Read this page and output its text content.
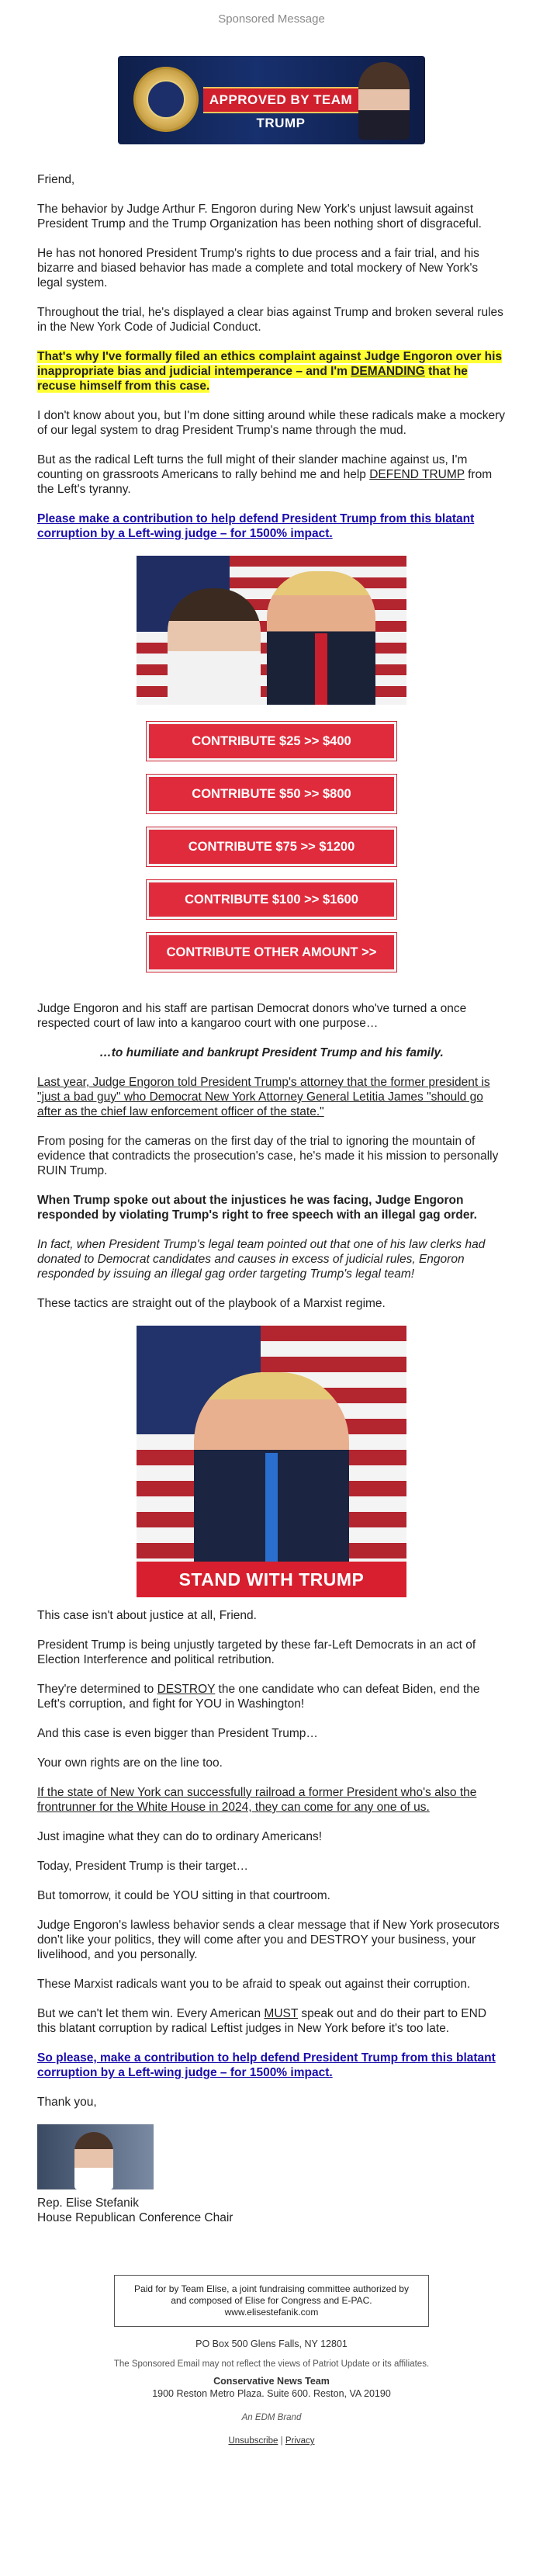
Sponsored Message
APPROVED BY TEAM TRUMP

Friend,

The behavior by Judge Arthur F. Engoron during New York's unjust lawsuit against President Trump and the Trump Organization has been nothing short of disgraceful.

He has not honored President Trump's rights to due process and a fair trial, and his bizarre and biased behavior has made a complete and total mockery of New York's legal system.

Throughout the trial, he's displayed a clear bias against Trump and broken several rules in the New York Code of Judicial Conduct.

That's why I've formally filed an ethics complaint against Judge Engoron over his inappropriate bias and judicial intemperance – and I'm DEMANDING that he recuse himself from this case.

I don't know about you, but I'm done sitting around while these radicals make a mockery of our legal system to drag President Trump's name through the mud.

But as the radical Left turns the full might of their slander machine against us, I'm counting on grassroots Americans to rally behind me and help DEFEND TRUMP from the Left's tyranny.

Please make a contribution to help defend President Trump from this blatant corruption by a Left-wing judge – for 1500% impact.

CONTRIBUTE $25 >> $400
CONTRIBUTE $50 >> $800
CONTRIBUTE $75 >> $1200
CONTRIBUTE $100 >> $1600
CONTRIBUTE OTHER AMOUNT >>

Judge Engoron and his staff are partisan Democrat donors who've turned a once respected court of law into a kangaroo court with one purpose…

…to humiliate and bankrupt President Trump and his family.

Last year, Judge Engoron told President Trump's attorney that the former president is "just a bad guy" who Democrat New York Attorney General Letitia James "should go after as the chief law enforcement officer of the state."

From posing for the cameras on the first day of the trial to ignoring the mountain of evidence that contradicts the prosecution's case, he's made it his mission to personally RUIN Trump.

When Trump spoke out about the injustices he was facing, Judge Engoron responded by violating Trump's right to free speech with an illegal gag order.

In fact, when President Trump's legal team pointed out that one of his law clerks had donated to Democrat candidates and causes in excess of judicial rules, Engoron responded by issuing an illegal gag order targeting Trump's legal team!

These tactics are straight out of the playbook of a Marxist regime.

STAND WITH TRUMP

This case isn't about justice at all, Friend.

President Trump is being unjustly targeted by these far-Left Democrats in an act of Election Interference and political retribution.

They're determined to DESTROY the one candidate who can defeat Biden, end the Left's corruption, and fight for YOU in Washington!

And this case is even bigger than President Trump…

Your own rights are on the line too.

If the state of New York can successfully railroad a former President who's also the frontrunner for the White House in 2024, they can come for any one of us.

Just imagine what they can do to ordinary Americans!

Today, President Trump is their target…

But tomorrow, it could be YOU sitting in that courtroom.

Judge Engoron's lawless behavior sends a clear message that if New York prosecutors don't like your politics, they will come after you and DESTROY your business, your livelihood, and you personally.

These Marxist radicals want you to be afraid to speak out against their corruption.

But we can't let them win. Every American MUST speak out and do their part to END this blatant corruption by radical Leftist judges in New York before it's too late.

So please, make a contribution to help defend President Trump from this blatant corruption by a Left-wing judge – for 1500% impact.

Thank you,

Rep. Elise Stefanik
House Republican Conference Chair
Paid for by Team Elise, a joint fundraising committee authorized by and composed of Elise for Congress and E-PAC. www.elisestefanik.com
PO Box 500 Glens Falls, NY 12801
The Sponsored Email may not reflect the views of Patriot Update or its affiliates.
Conservative News Team
1900 Reston Metro Plaza. Suite 600. Reston, VA 20190
An EDM Brand
Unsubscribe | Privacy
